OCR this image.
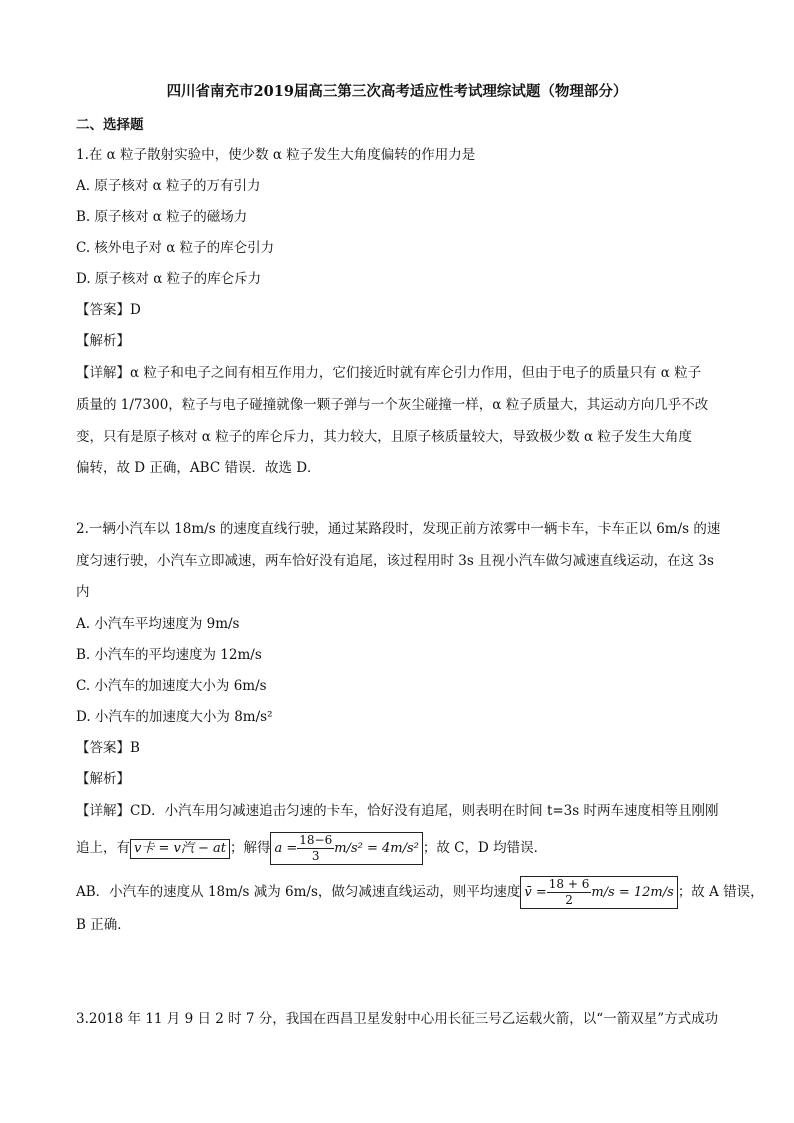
四川省南充市2019届高三第三次高考适应性考试理综试题（物理部分）
二、选择题
1.在 α 粒子散射实验中，使少数 α 粒子发生大角度偏转的作用力是
A. 原子核对 α 粒子的万有引力
B. 原子核对 α 粒子的磁场力
C. 核外电子对 α 粒子的库仑引力
D. 原子核对 α 粒子的库仑斥力
【答案】D
【解析】
【详解】α 粒子和电子之间有相互作用力，它们接近时就有库仑引力作用，但由于电子的质量只有 α 粒子
质量的 1/7300，粒子与电子碰撞就像一颗子弹与一个灰尘碰撞一样，α 粒子质量大，其运动方向几乎不改
变，只有是原子核对 α 粒子的库仑斥力，其力较大，且原子核质量较大，导致极少数 α 粒子发生大角度
偏转，故 D 正确，ABC 错误．故选 D．
2.一辆小汽车以 18m/s 的速度直线行驶，通过某路段时，发现正前方浓雾中一辆卡车，卡车正以 6m/s 的速
度匀速行驶，小汽车立即减速，两车恰好没有追尾，该过程用时 3s 且视小汽车做匀减速直线运动，在这 3s
内
A. 小汽车平均速度为 9m/s
B. 小汽车的平均速度为 12m/s
C. 小汽车的加速度大小为 6m/s
D. 小汽车的加速度大小为 8m/s²
【答案】B
【解析】
【详解】CD．小汽车用匀减速追击匀速的卡车，恰好没有追尾，则表明在时间 t=3s 时两车速度相等且刚刚
追上，有 v卡 = v汽 − at ；解得 $a = \frac{18-6}{3} m/s^2 = 4m/s^2$ ；故 C，D 均错误．
AB．小汽车的速度从 18m/s 减为 6m/s，做匀减速直线运动，则平均速度 v̄ = $\frac{18 + 6}{2} m/s = 12m/s$ ；故 A 错误，
B 正确．
3.2018 年 11 月 9 日 2 时 7 分，我国在西昌卫星发射中心用长征三号乙运载火箭，以“一箭双星”方式成功
